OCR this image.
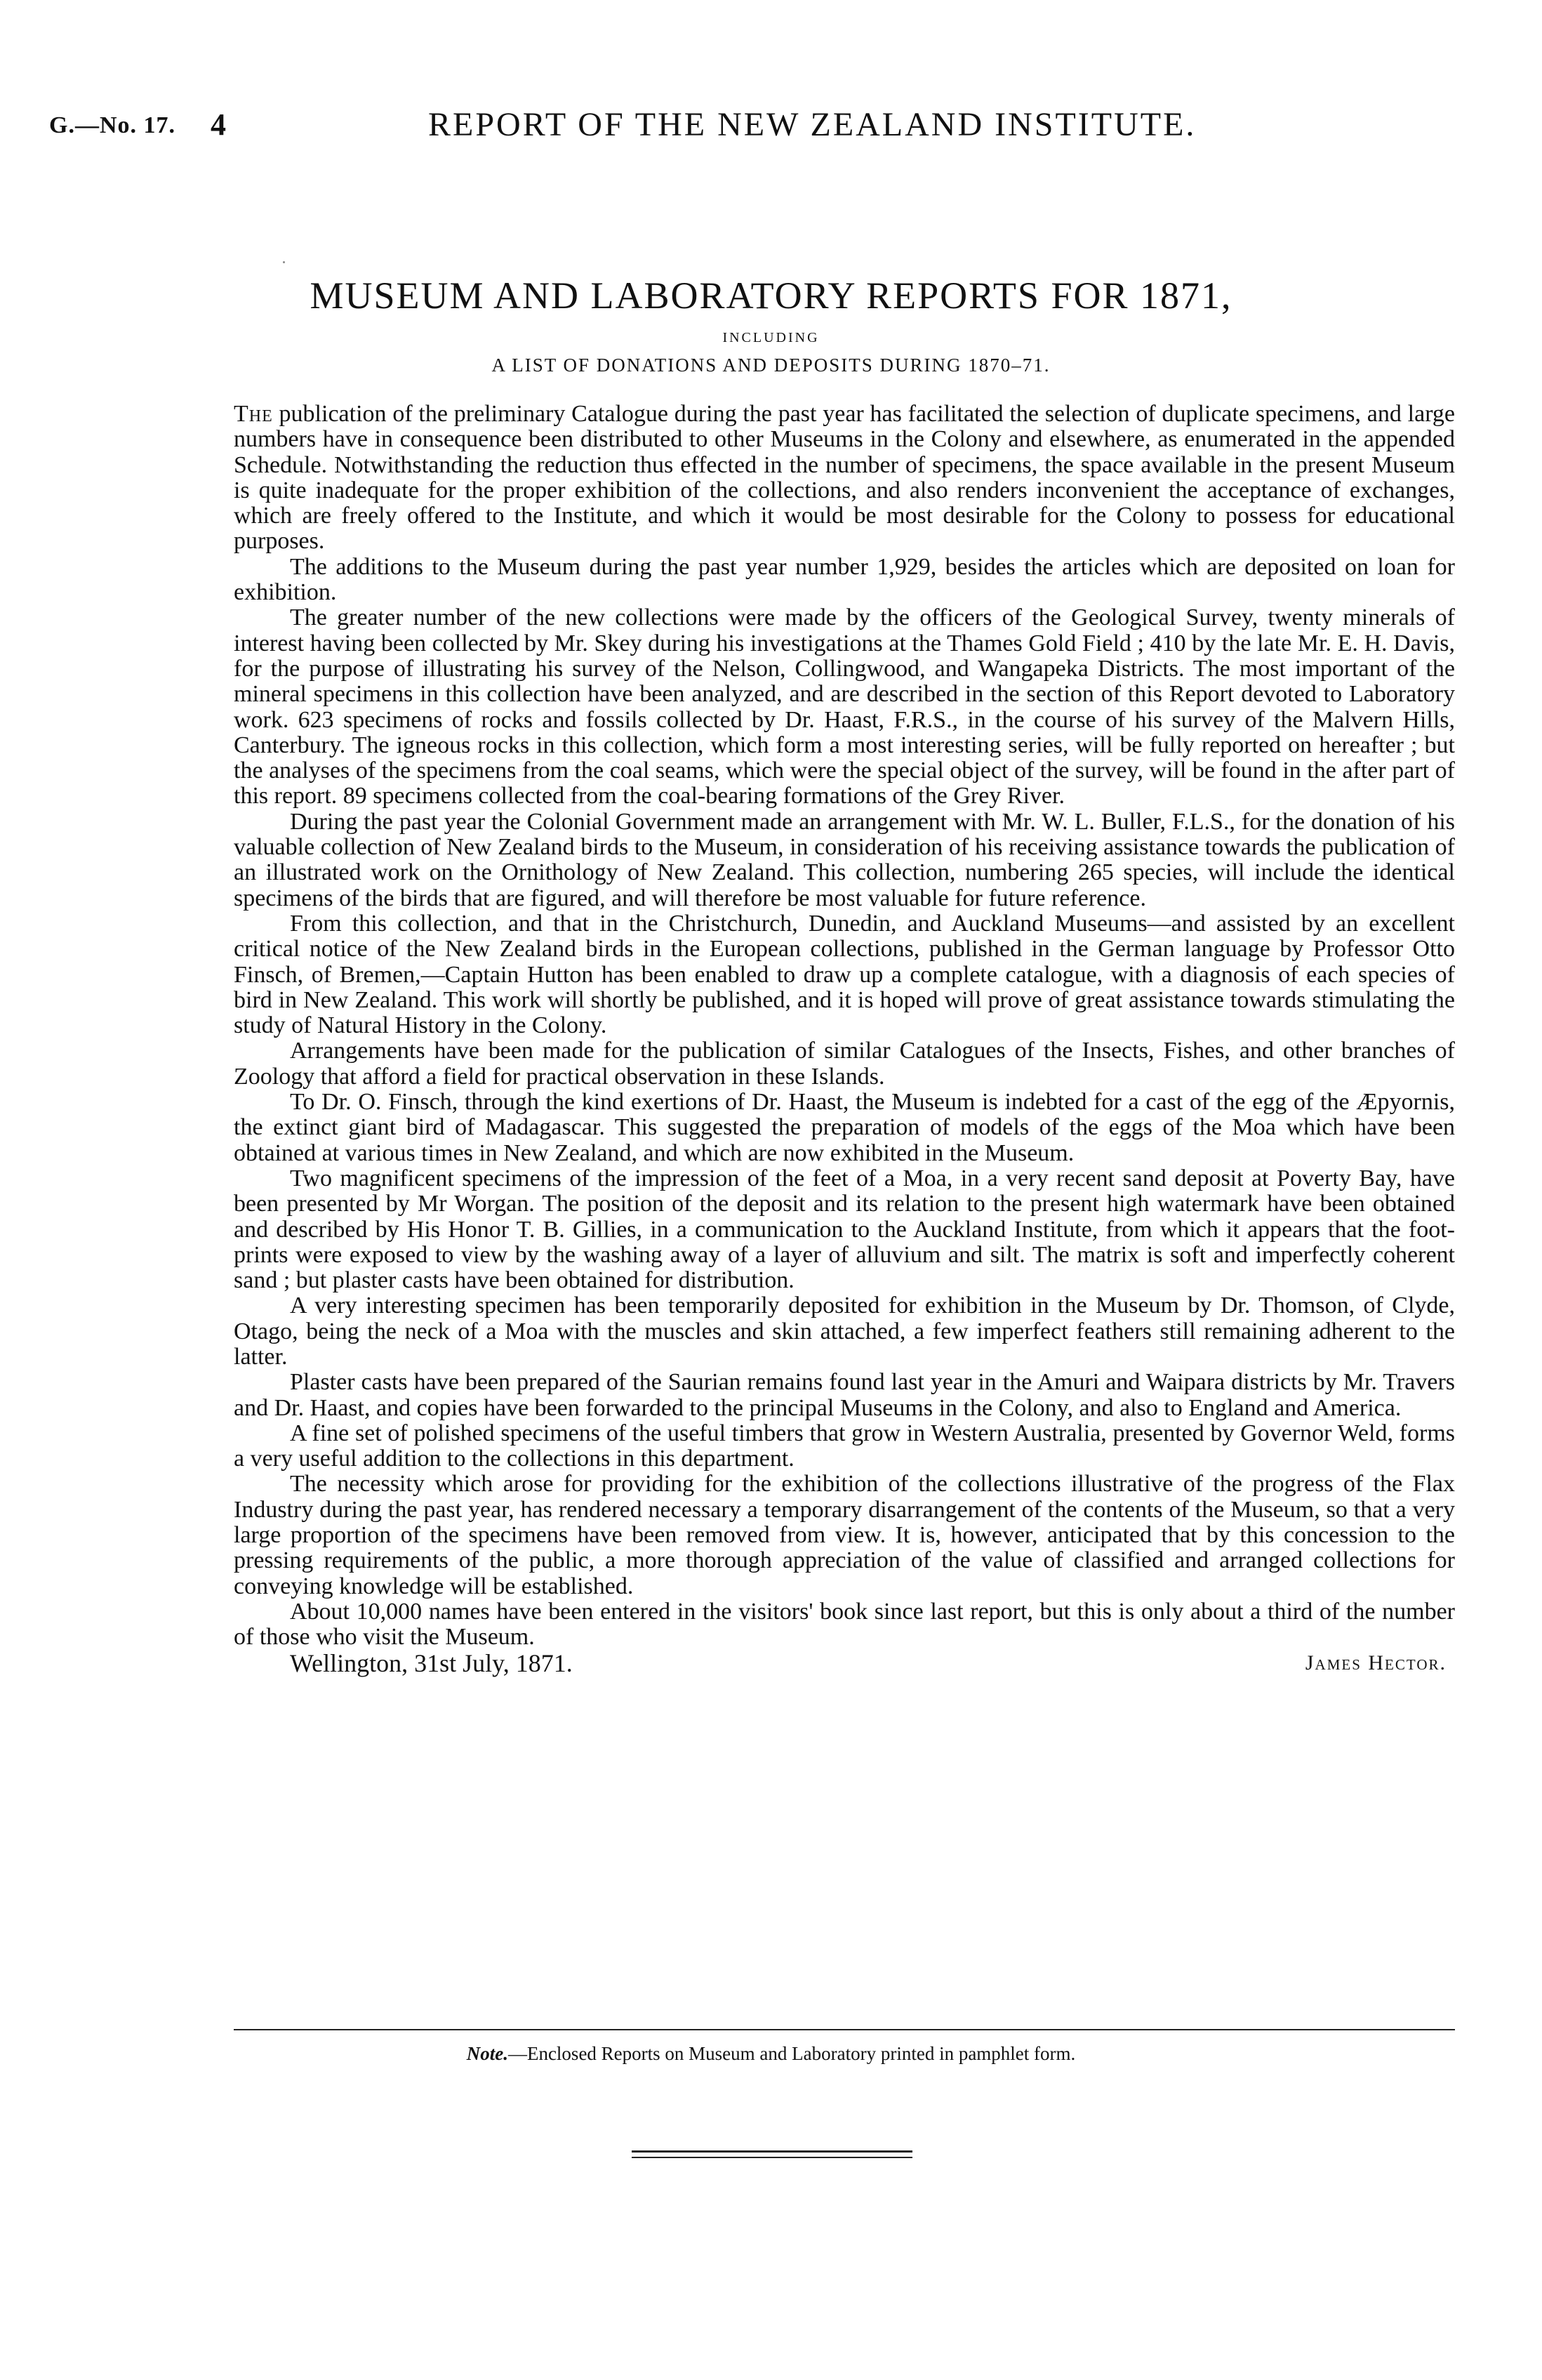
G.—No. 17. 4	REPORT OF THE NEW ZEALAND INSTITUTE.
MUSEUM AND LABORATORY REPORTS FOR 1871,
INCLUDING
A LIST OF DONATIONS AND DEPOSITS DURING 1870–71.

The publication of the preliminary Catalogue during the past year has facilitated the selection of duplicate specimens, and large numbers have in consequence been distributed to other Museums in the Colony and elsewhere, as enumerated in the appended Schedule. Notwithstanding the reduction thus effected in the number of specimens, the space available in the present Museum is quite inadequate for the proper exhibition of the collections, and also renders inconvenient the acceptance of exchanges, which are freely offered to the Institute, and which it would be most desirable for the Colony to possess for educational purposes.

The additions to the Museum during the past year number 1,929, besides the articles which are deposited on loan for exhibition.

The greater number of the new collections were made by the officers of the Geological Survey, twenty minerals of interest having been collected by Mr. Skey during his investigations at the Thames Gold Field ; 410 by the late Mr. E. H. Davis, for the purpose of illustrating his survey of the Nelson, Collingwood, and Wangapeka Districts. The most important of the mineral specimens in this collection have been analyzed, and are described in the section of this Report devoted to Laboratory work. 623 specimens of rocks and fossils collected by Dr. Haast, F.R.S., in the course of his survey of the Malvern Hills, Canterbury. The igneous rocks in this collection, which form a most interesting series, will be fully reported on hereafter ; but the analyses of the specimens from the coal seams, which were the special object of the survey, will be found in the after part of this report. 89 specimens collected from the coal-bearing formations of the Grey River.

During the past year the Colonial Government made an arrangement with Mr. W. L. Buller, F.L.S., for the donation of his valuable collection of New Zealand birds to the Museum, in consideration of his receiving assistance towards the publication of an illustrated work on the Ornithology of New Zealand. This collection, numbering 265 species, will include the identical specimens of the birds that are figured, and will therefore be most valuable for future reference.

From this collection, and that in the Christchurch, Dunedin, and Auckland Museums—and assisted by an excellent critical notice of the New Zealand birds in the European collections, published in the German language by Professor Otto Finsch, of Bremen,—Captain Hutton has been enabled to draw up a complete catalogue, with a diagnosis of each species of bird in New Zealand. This work will shortly be published, and it is hoped will prove of great assistance towards stimulating the study of Natural History in the Colony.

Arrangements have been made for the publication of similar Catalogues of the Insects, Fishes, and other branches of Zoology that afford a field for practical observation in these Islands.

To Dr. O. Finsch, through the kind exertions of Dr. Haast, the Museum is indebted for a cast of the egg of the Æpyornis, the extinct giant bird of Madagascar. This suggested the preparation of models of the eggs of the Moa which have been obtained at various times in New Zealand, and which are now exhibited in the Museum.

Two magnificent specimens of the impression of the feet of a Moa, in a very recent sand deposit at Poverty Bay, have been presented by Mr Worgan. The position of the deposit and its relation to the present high watermark have been obtained and described by His Honor T. B. Gillies, in a communication to the Auckland Institute, from which it appears that the foot-prints were exposed to view by the washing away of a layer of alluvium and silt. The matrix is soft and imperfectly coherent sand ; but plaster casts have been obtained for distribution.

A very interesting specimen has been temporarily deposited for exhibition in the Museum by Dr. Thomson, of Clyde, Otago, being the neck of a Moa with the muscles and skin attached, a few imperfect feathers still remaining adherent to the latter.

Plaster casts have been prepared of the Saurian remains found last year in the Amuri and Waipara districts by Mr. Travers and Dr. Haast, and copies have been forwarded to the principal Museums in the Colony, and also to England and America.

A fine set of polished specimens of the useful timbers that grow in Western Australia, presented by Governor Weld, forms a very useful addition to the collections in this department.

The necessity which arose for providing for the exhibition of the collections illustrative of the progress of the Flax Industry during the past year, has rendered necessary a temporary disarrangement of the contents of the Museum, so that a very large proportion of the specimens have been removed from view. It is, however, anticipated that by this concession to the pressing requirements of the public, a more thorough appreciation of the value of classified and arranged collections for conveying knowledge will be established.

About 10,000 names have been entered in the visitors' book since last report, but this is only about a third of the number of those who visit the Museum.

Wellington, 31st July, 1871.	James Hector.
Note.—Enclosed Reports on Museum and Laboratory printed in pamphlet form.
